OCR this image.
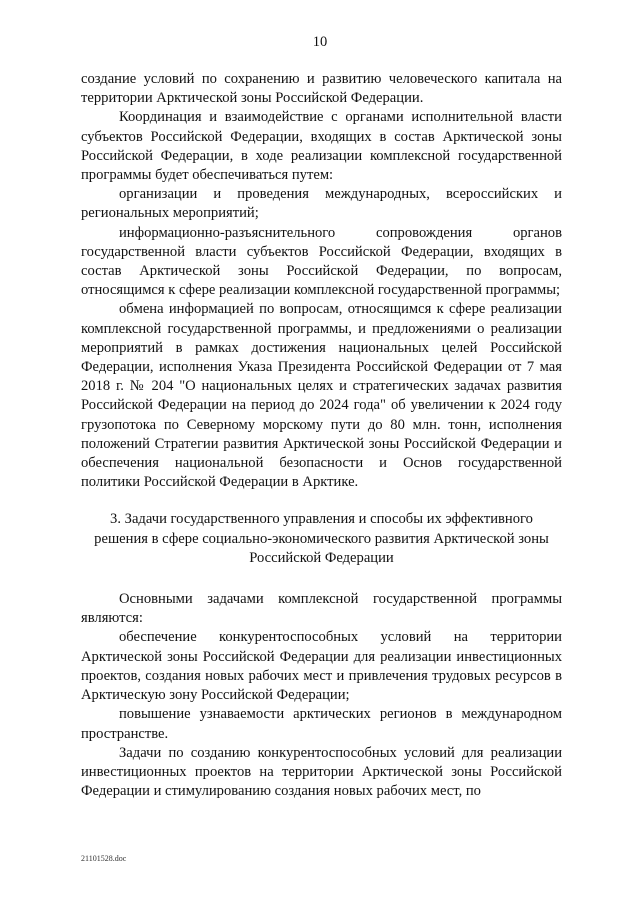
10

создание условий по сохранению и развитию человеческого капитала на территории Арктической зоны Российской Федерации.

Координация и взаимодействие с органами исполнительной власти субъектов Российской Федерации, входящих в состав Арктической зоны Российской Федерации, в ходе реализации комплексной государственной программы будет обеспечиваться путем:

организации и проведения международных, всероссийских и региональных мероприятий;

информационно-разъяснительного сопровождения органов государственной власти субъектов Российской Федерации, входящих в состав Арктической зоны Российской Федерации, по вопросам, относящимся к сфере реализации комплексной государственной программы;

обмена информацией по вопросам, относящимся к сфере реализации комплексной государственной программы, и предложениями о реализации мероприятий в рамках достижения национальных целей Российской Федерации, исполнения Указа Президента Российской Федерации от 7 мая 2018 г. № 204 "О национальных целях и стратегических задачах развития Российской Федерации на период до 2024 года" об увеличении к 2024 году грузопотока по Северному морскому пути до 80 млн. тонн, исполнения положений Стратегии развития Арктической зоны Российской Федерации и обеспечения национальной безопасности и Основ государственной политики Российской Федерации в Арктике.

3. Задачи государственного управления и способы их эффективного решения в сфере социально-экономического развития Арктической зоны Российской Федерации

Основными задачами комплексной государственной программы являются:

обеспечение конкурентоспособных условий на территории Арктической зоны Российской Федерации для реализации инвестиционных проектов, создания новых рабочих мест и привлечения трудовых ресурсов в Арктическую зону Российской Федерации;

повышение узнаваемости арктических регионов в международном пространстве.

Задачи по созданию конкурентоспособных условий для реализации инвестиционных проектов на территории Арктической зоны Российской Федерации и стимулированию создания новых рабочих мест, по

21101528.doc
